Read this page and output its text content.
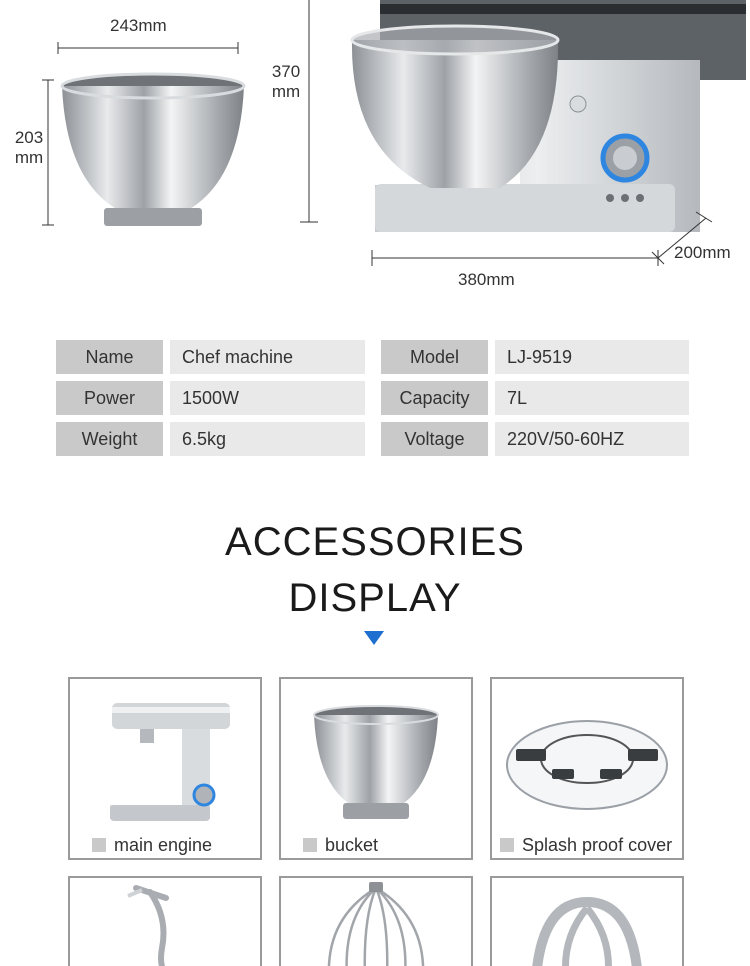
243mm
203
mm
370
mm
380mm
200mm
Name	Chef machine	Model	LJ-9519
Power	1500W	Capacity	7L
Weight	6.5kg	Voltage	220V/50-60HZ
ACCESSORIES
DISPLAY
main engine	bucket	Splash proof cover
